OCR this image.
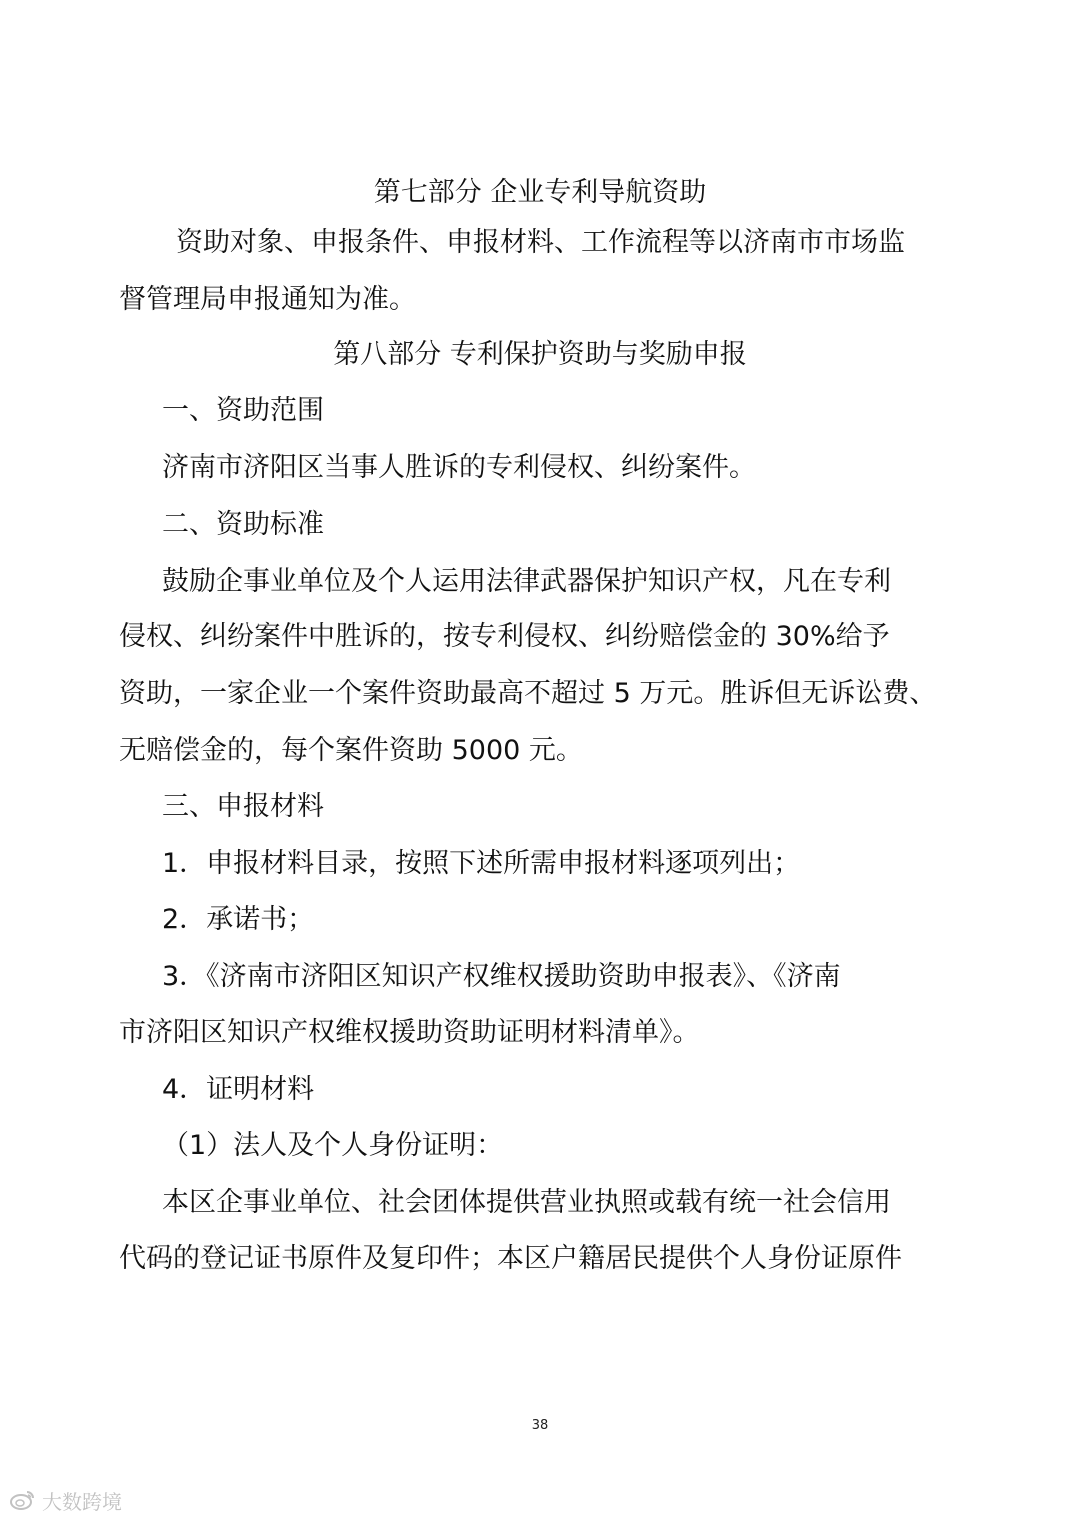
第七部分 企业专利导航资助
资助对象、申报条件、申报材料、工作流程等以济南市市场监
督管理局申报通知为准。
第八部分 专利保护资助与奖励申报
一、资助范围
济南市济阳区当事人胜诉的专利侵权、纠纷案件。
二、资助标准
鼓励企事业单位及个人运用法律武器保护知识产权，凡在专利
侵权、纠纷案件中胜诉的，按专利侵权、纠纷赔偿金的 30%给予
资助，一家企业一个案件资助最高不超过 5 万元。胜诉但无诉讼费、
无赔偿金的，每个案件资助 5000 元。
三、申报材料
1．申报材料目录，按照下述所需申报材料逐项列出；
2．承诺书；
3．《济南市济阳区知识产权维权援助资助申报表》、《济南
市济阳区知识产权维权援助资助证明材料清单》。
4．证明材料
（1）法人及个人身份证明：
本区企事业单位、社会团体提供营业执照或载有统一社会信用
代码的登记证书原件及复印件；本区户籍居民提供个人身份证原件
38
大数跨境
